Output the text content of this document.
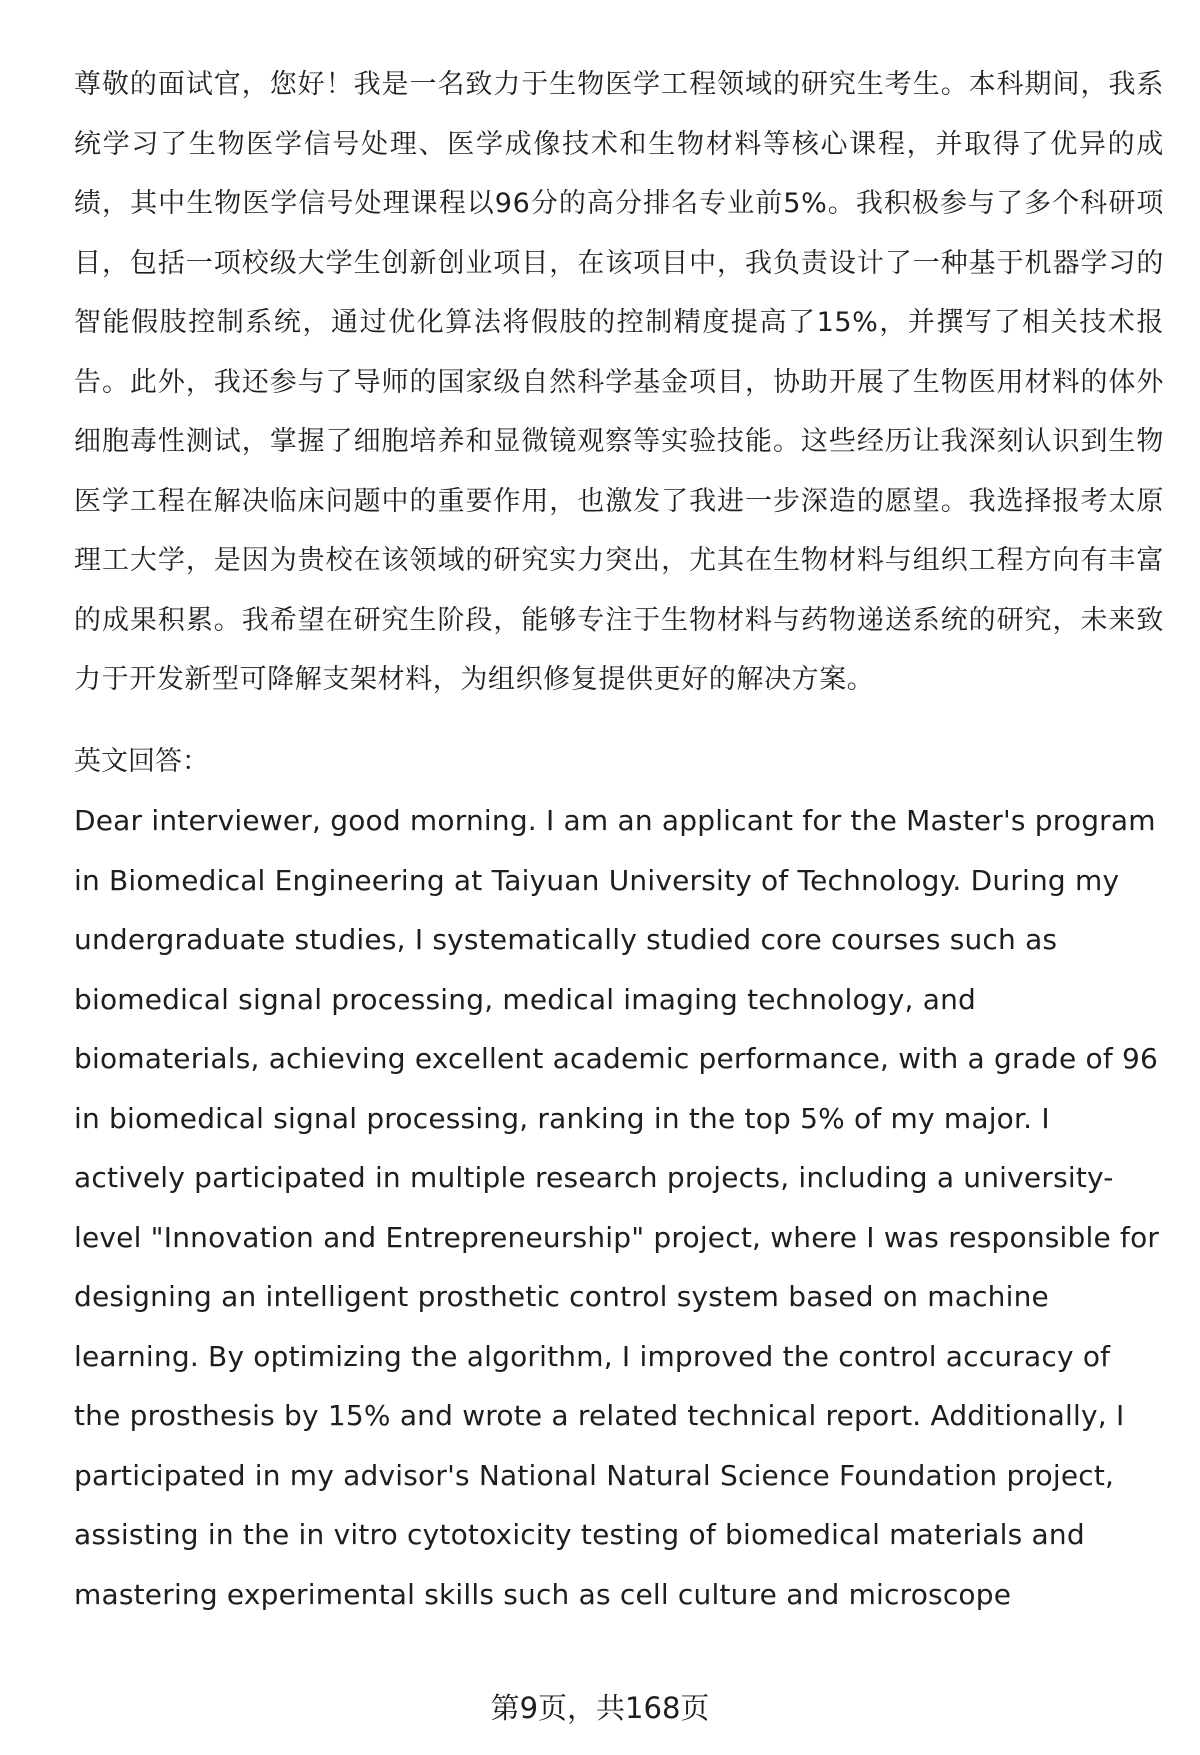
尊敬的面试官，您好！我是一名致力于生物医学工程领域的研究生考生。本科期间，我系统学习了生物医学信号处理、医学成像技术和生物材料等核心课程，并取得了优异的成绩，其中生物医学信号处理课程以96分的高分排名专业前5%。我积极参与了多个科研项目，包括一项校级大学生创新创业项目，在该项目中，我负责设计了一种基于机器学习的智能假肢控制系统，通过优化算法将假肢的控制精度提高了15%，并撰写了相关技术报告。此外，我还参与了导师的国家级自然科学基金项目，协助开展了生物医用材料的体外细胞毒性测试，掌握了细胞培养和显微镜观察等实验技能。这些经历让我深刻认识到生物医学工程在解决临床问题中的重要作用，也激发了我进一步深造的愿望。我选择报考太原理工大学，是因为贵校在该领域的研究实力突出，尤其在生物材料与组织工程方向有丰富的成果积累。我希望在研究生阶段，能够专注于生物材料与药物递送系统的研究，未来致力于开发新型可降解支架材料，为组织修复提供更好的解决方案。

英文回答：

Dear interviewer, good morning. I am an applicant for the Master's program in Biomedical Engineering at Taiyuan University of Technology. During my undergraduate studies, I systematically studied core courses such as biomedical signal processing, medical imaging technology, and biomaterials, achieving excellent academic performance, with a grade of 96 in biomedical signal processing, ranking in the top 5% of my major. I actively participated in multiple research projects, including a university-level "Innovation and Entrepreneurship" project, where I was responsible for designing an intelligent prosthetic control system based on machine learning. By optimizing the algorithm, I improved the control accuracy of the prosthesis by 15% and wrote a related technical report. Additionally, I participated in my advisor's National Natural Science Foundation project, assisting in the in vitro cytotoxicity testing of biomedical materials and mastering experimental skills such as cell culture and microscope

第9页，共168页
